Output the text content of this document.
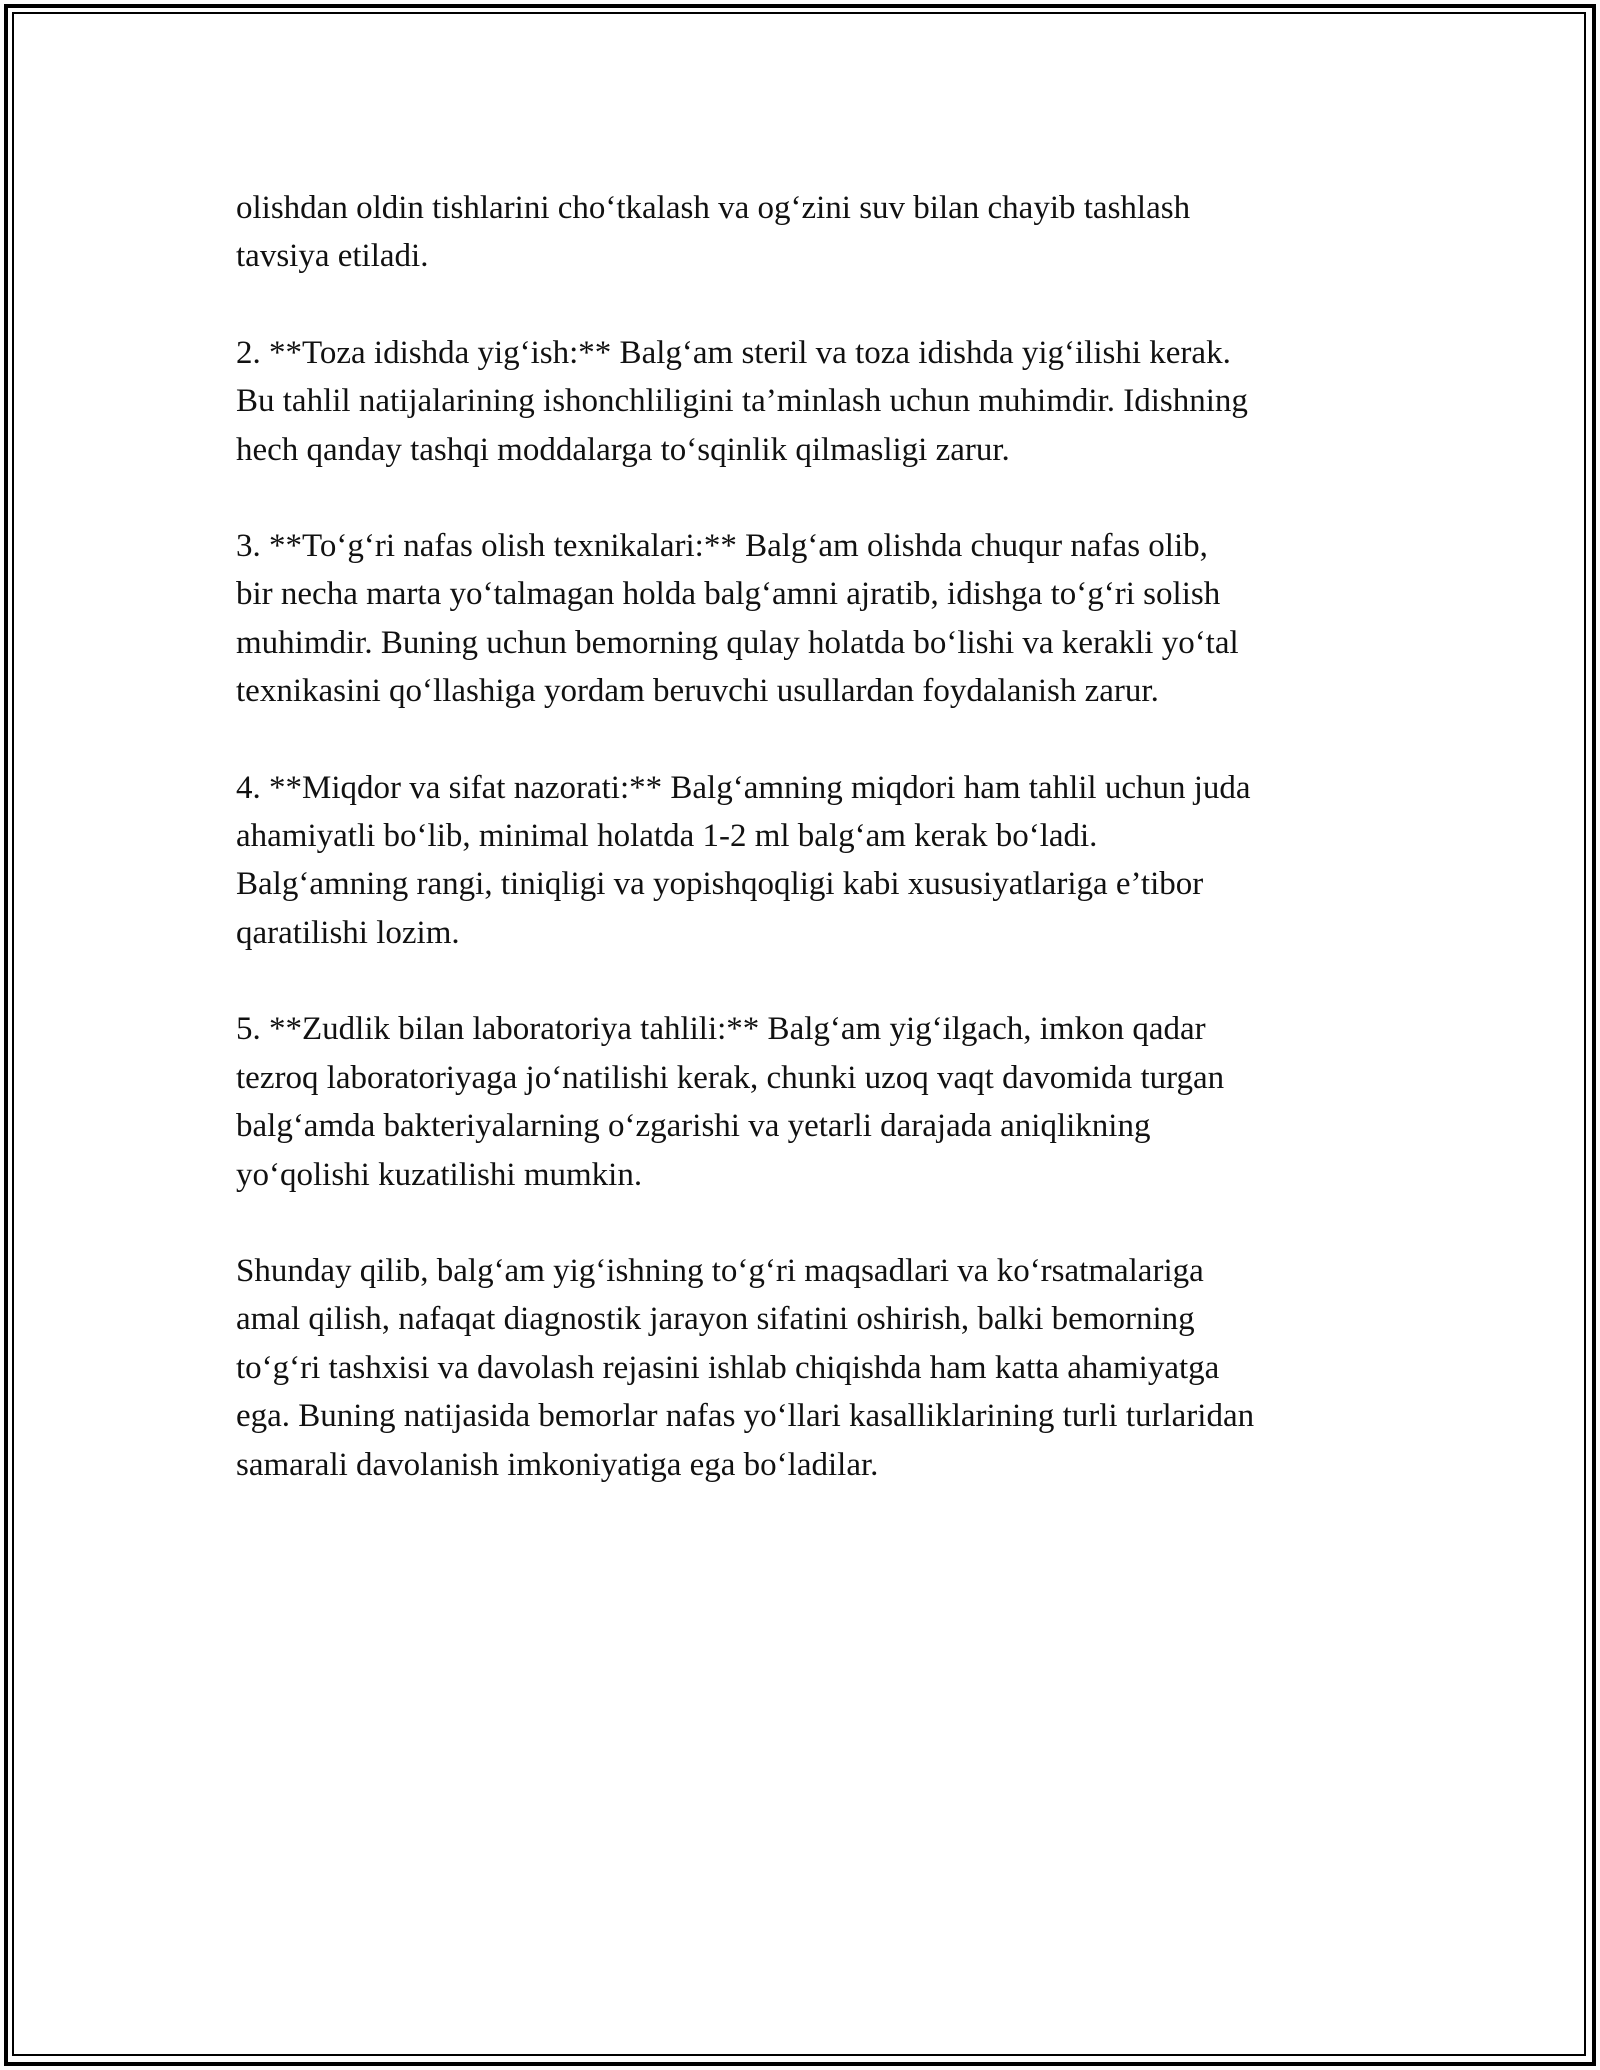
olishdan oldin tishlarini cho‘tkalash va og‘zini suv bilan chayib tashlash
tavsiya etiladi.

2. **Toza idishda yig‘ish:** Balg‘am steril va toza idishda yig‘ilishi kerak.
Bu tahlil natijalarining ishonchliligini ta’minlash uchun muhimdir. Idishning
hech qanday tashqi moddalarga to‘sqinlik qilmasligi zarur.

3. **To‘g‘ri nafas olish texnikalari:** Balg‘am olishda chuqur nafas olib,
bir necha marta yo‘talmagan holda balg‘amni ajratib, idishga to‘g‘ri solish
muhimdir. Buning uchun bemorning qulay holatda bo‘lishi va kerakli yo‘tal
texnikasini qo‘llashiga yordam beruvchi usullardan foydalanish zarur.

4. **Miqdor va sifat nazorati:** Balg‘amning miqdori ham tahlil uchun juda
ahamiyatli bo‘lib, minimal holatda 1-2 ml balg‘am kerak bo‘ladi.
Balg‘amning rangi, tiniqligi va yopishqoqligi kabi xususiyatlariga e’tibor
qaratilishi lozim.

5. **Zudlik bilan laboratoriya tahlili:** Balg‘am yig‘ilgach, imkon qadar
tezroq laboratoriyaga jo‘natilishi kerak, chunki uzoq vaqt davomida turgan
balg‘amda bakteriyalarning o‘zgarishi va yetarli darajada aniqlikning
yo‘qolishi kuzatilishi mumkin.

Shunday qilib, balg‘am yig‘ishning to‘g‘ri maqsadlari va ko‘rsatmalariga
amal qilish, nafaqat diagnostik jarayon sifatini oshirish, balki bemorning
to‘g‘ri tashxisi va davolash rejasini ishlab chiqishda ham katta ahamiyatga
ega. Buning natijasida bemorlar nafas yo‘llari kasalliklarining turli turlaridan
samarali davolanish imkoniyatiga ega bo‘ladilar.
